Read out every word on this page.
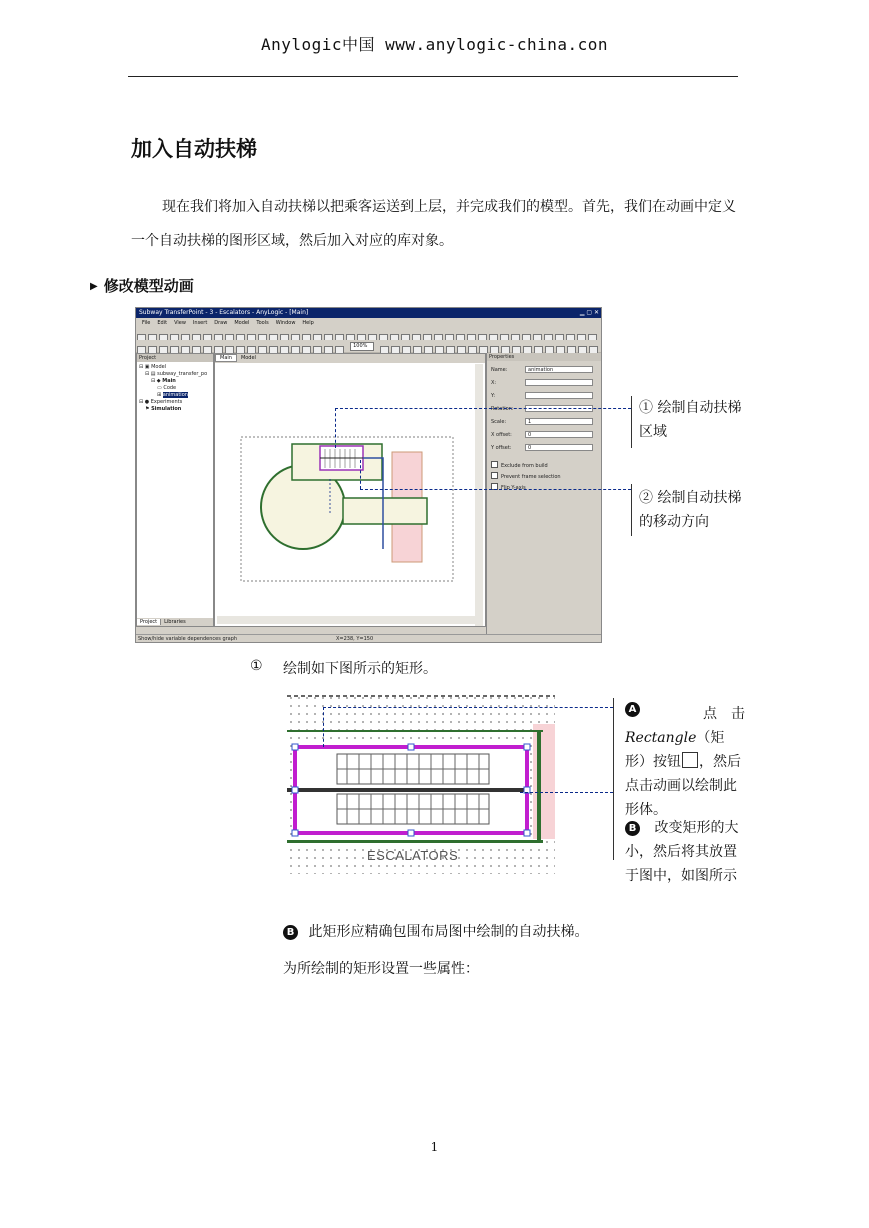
Anylogic中国 www.anylogic-china.con
加入自动扶梯
现在我们将加入自动扶梯以把乘客运送到上层，并完成我们的模型。首先，我们在动画中定义一个自动扶梯的图形区域，然后加入对应的库对象。
▶ 修改模型动画
Subway TransferPoint - 3 - Escalators - AnyLogic - [Main]	▁ ▢ ✕
File Edit View Insert Draw Model Tools Window Help
100%
Project
⊟ ▣ Model
⊟ ▤ subway_transfer_po
⊟ ◆ Main
▭ Code
⊞ animation
⊟ ● Experiments
⚑ Simulation
Project Libraries
Main Model	Properties
Name:	animation
X:
Y:
Rotation:
Scale:	1
X offset:	0
Y offset:	0
Exclude from build
Prevent frame selection
Flip Y-axis
Show/hide variable dependences graph	X=238, Y=150
① 绘制自动扶梯区域
② 绘制自动扶梯的移动方向
① 绘制如下图所示的矩形。
ESCALATORS
A	点　击
Rectangle（矩形）按钮 ，然后点击动画以绘制此形体。
B 改变矩形的大小，然后将其放置于图中，如图所示
B 此矩形应精确包围布局图中绘制的自动扶梯。
为所绘制的矩形设置一些属性：
1
